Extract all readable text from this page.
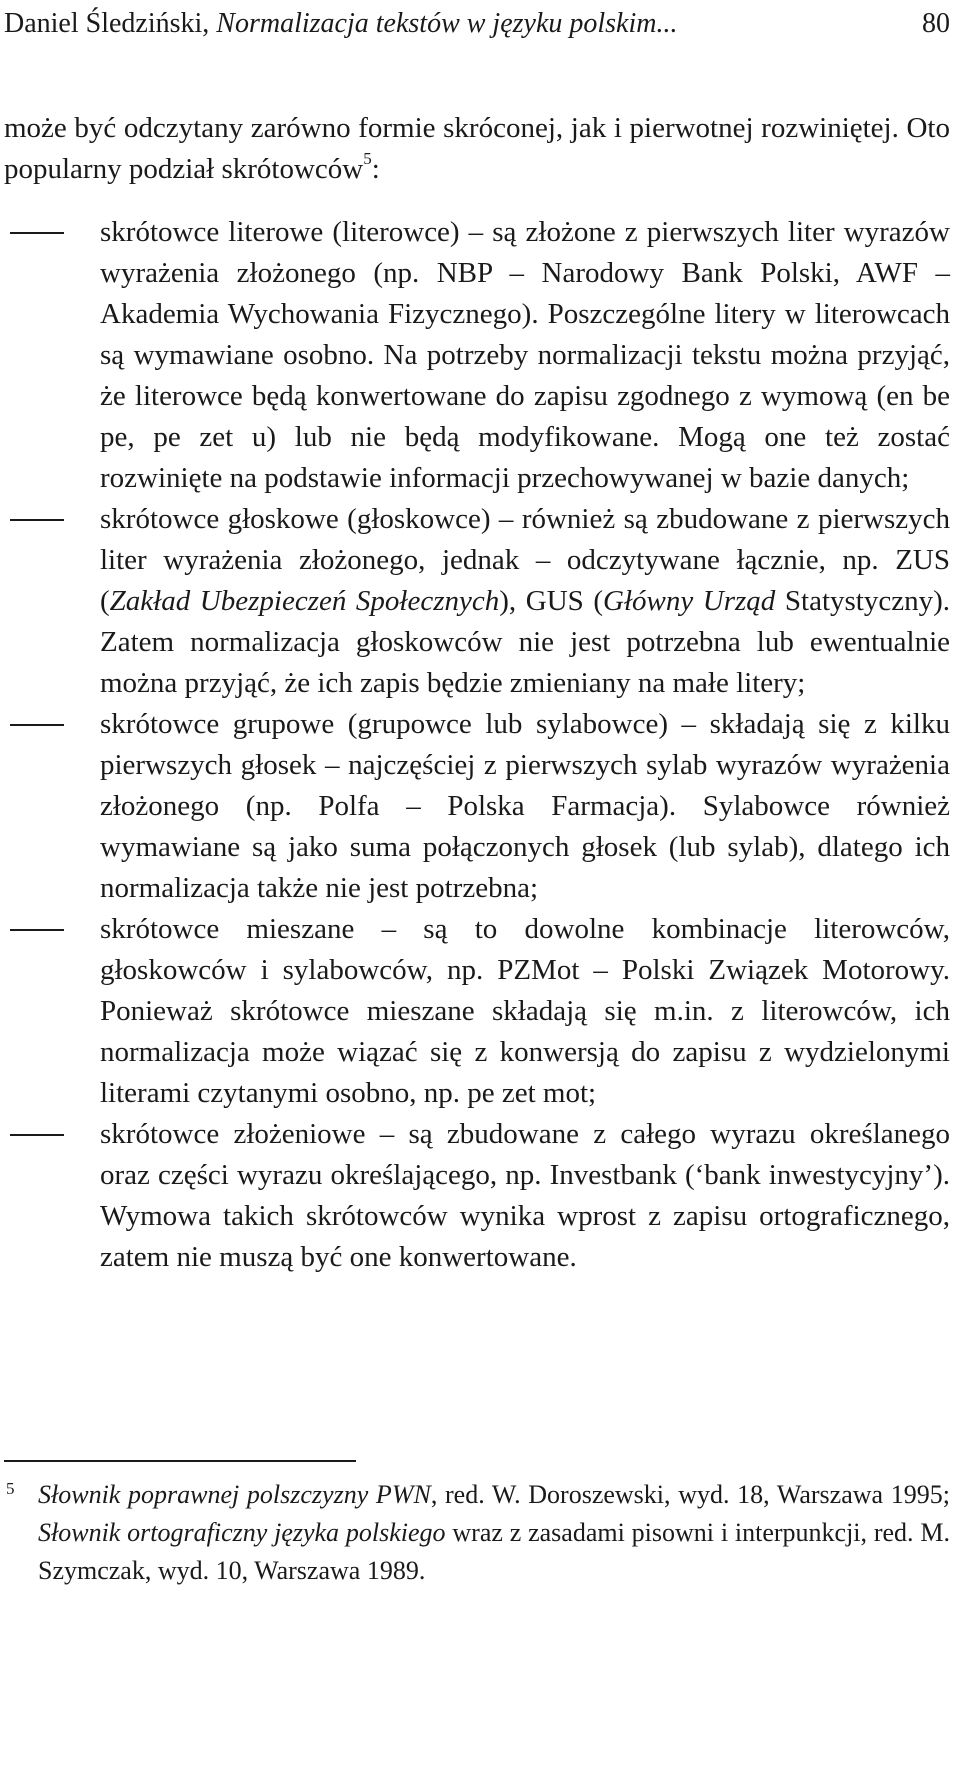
Daniel Śledziński, Normalizacja tekstów w języku polskim...	80

może być odczytany zarówno formie skróconej, jak i pierwotnej rozwiniętej. Oto popularny podział skrótowców$^5$:

skrótowce literowe (literowce) – są złożone z pierwszych liter wyrazów wyrażenia złożonego (np. NBP – Narodowy Bank Polski, AWF – Akademia Wychowania Fizycznego). Poszczególne litery w literowcach są wymawiane osobno. Na potrzeby normalizacji tekstu można przyjąć, że literowce będą konwertowane do zapisu zgodnego z wymową (en be pe, pe zet u) lub nie będą modyfikowane. Mogą one też zostać rozwinięte na podstawie informacji przechowywanej w bazie danych;
skrótowce głoskowe (głoskowce) – również są zbudowane z pierwszych liter wyrażenia złożonego, jednak – odczytywane łącznie, np. ZUS (Zakład Ubezpieczeń Społecznych), GUS (Główny Urząd Statystyczny). Zatem normalizacja głoskowców nie jest potrzebna lub ewentualnie można przyjąć, że ich zapis będzie zmieniany na małe litery;
skrótowce grupowe (grupowce lub sylabowce) – składają się z kilku pierwszych głosek – najczęściej z pierwszych sylab wyrazów wyrażenia złożonego (np. Polfa – Polska Farmacja). Sylabowce również wymawiane są jako suma połączonych głosek (lub sylab), dlatego ich normalizacja także nie jest potrzebna;
skrótowce mieszane – są to dowolne kombinacje literowców, głoskowców i sylabowców, np. PZMot – Polski Związek Motorowy. Ponieważ skrótowce mieszane składają się m.in. z literowców, ich normalizacja może wiązać się z konwersją do zapisu z wydzielonymi literami czytanymi osobno, np. pe zet mot;
skrótowce złożeniowe – są zbudowane z całego wyrazu określanego oraz części wyrazu określającego, np. Investbank (‘bank inwestycyjny’). Wymowa takich skrótowców wynika wprost z zapisu ortograficznego, zatem nie muszą być one konwertowane.
5 Słownik poprawnej polszczyzny PWN, red. W. Doroszewski, wyd. 18, Warszawa 1995; Słownik ortograficzny języka polskiego wraz z zasadami pisowni i interpunkcji, red. M. Szymczak, wyd. 10, Warszawa 1989.
